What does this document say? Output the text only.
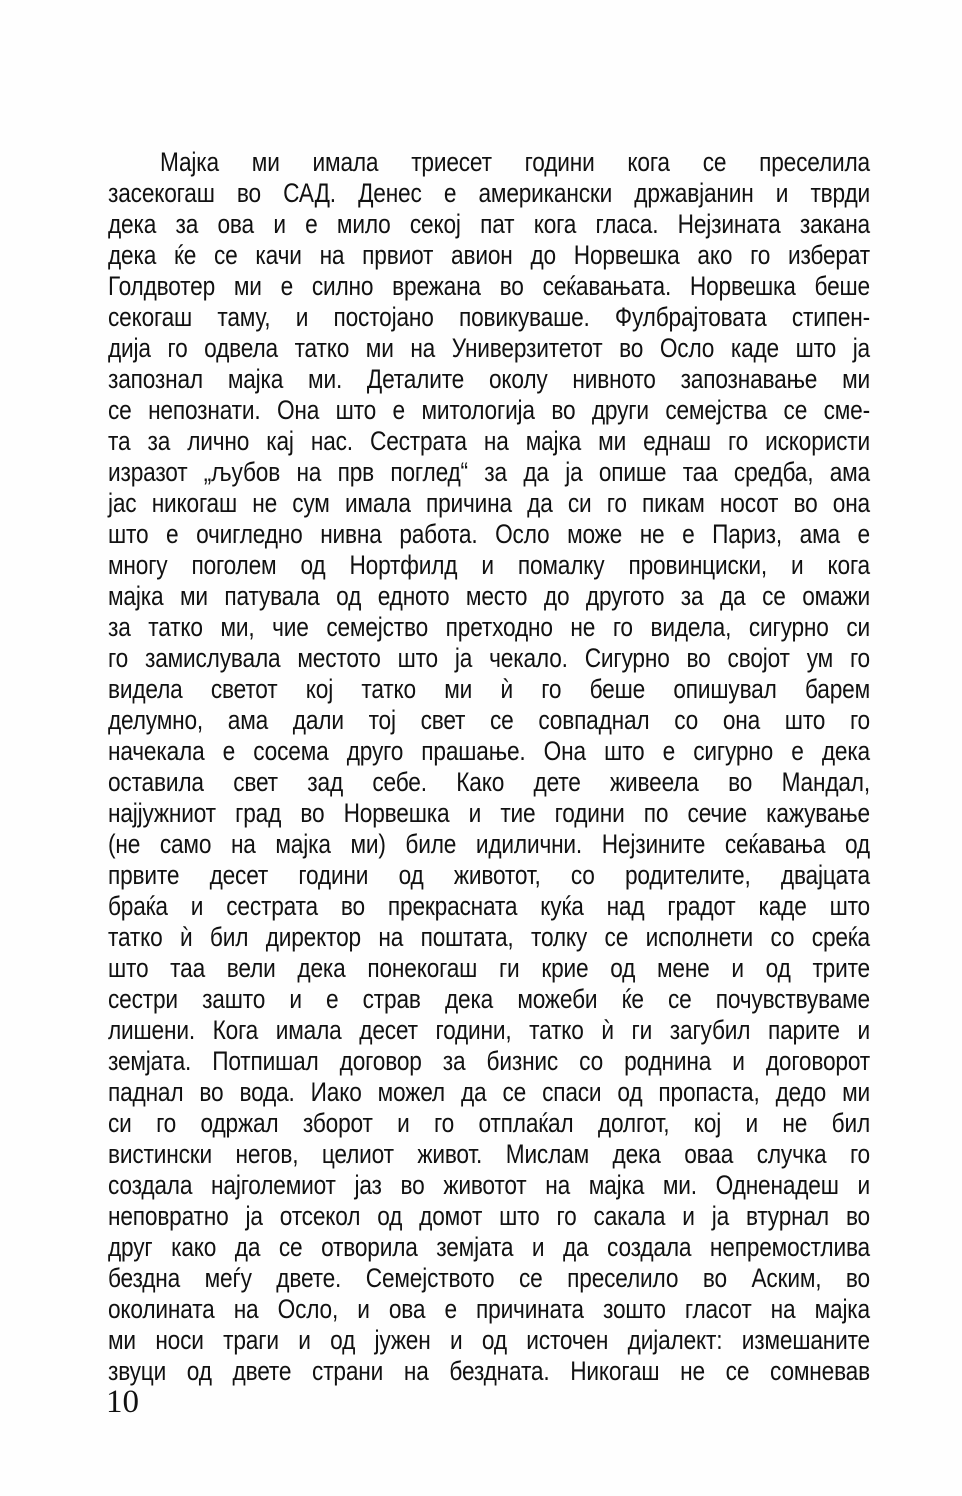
Мајка ми имала триесет години кога се преселила
засекогаш во САД. Денес е американски државјанин и тврди
дека за ова и е мило секој пат кога гласа. Нејзината закана
дека ќе се качи на првиот авион до Норвешка ако го изберат
Голдвотер ми е силно врежана во сеќавањата. Норвешка беше
секогаш таму, и постојано повикуваше. Фулбрајтовата стипен-
дија го одвела татко ми на Универзитетот во Осло каде што ја
запознал мајка ми. Деталите околу нивното запознавање ми
се непознати. Она што е митологија во други семејства се сме-
та за лично кај нас. Сестрата на мајка ми еднаш го искористи
изразот „љубов на прв поглед“ за да ја опише таа средба, ама
јас никогаш не сум имала причина да си го пикам носот во она
што е очигледно нивна работа. Осло може не е Париз, ама е
многу поголем од Нортфилд и помалку провинциски, и кога
мајка ми патувала од едното место до другото за да се омажи
за татко ми, чие семејство претходно не го видела, сигурно си
го замислувала местото што ја чекало. Сигурно во својот ум го
видела светот кој татко ми ѝ го беше опишувал барем
делумно, ама дали тој свет се совпаднал со она што го
начекала е сосема друго прашање. Она што е сигурно е дека
оставила свет зад себе. Како дете живеела во Мандал,
најјужниот град во Норвешка и тие години по сечие кажување
(не само на мајка ми) биле идилични. Нејзините сеќавања од
првите десет години од животот, со родителите, двајцата
браќа и сестрата во прекрасната куќа над градот каде што
татко ѝ бил директор на поштата, толку се исполнети со среќа
што таа вели дека понекогаш ги крие од мене и од трите
сестри зашто и е страв дека можеби ќе се почувствуваме
лишени. Кога имала десет години, татко ѝ ги загубил парите и
земјата. Потпишал договор за бизнис со роднина и договорот
паднал во вода. Иако можел да се спаси од пропаста, дедо ми
си го одржал зборот и го отплаќал долгот, кој и не бил
вистински негов, целиот живот. Мислам дека оваа случка го
создала најголемиот јаз во животот на мајка ми. Одненадеш и
неповратно ја отсекол од домот што го сакала и ја втурнал во
друг како да се отворила земјата и да создала непремостлива
бездна меѓу двете. Семејството се преселило во Аским, во
околината на Осло, и ова е причината зошто гласот на мајка
ми носи траги и од јужен и од источен дијалект: измешаните
звуци од двете страни на бездната. Никогаш не се сомневав
10
